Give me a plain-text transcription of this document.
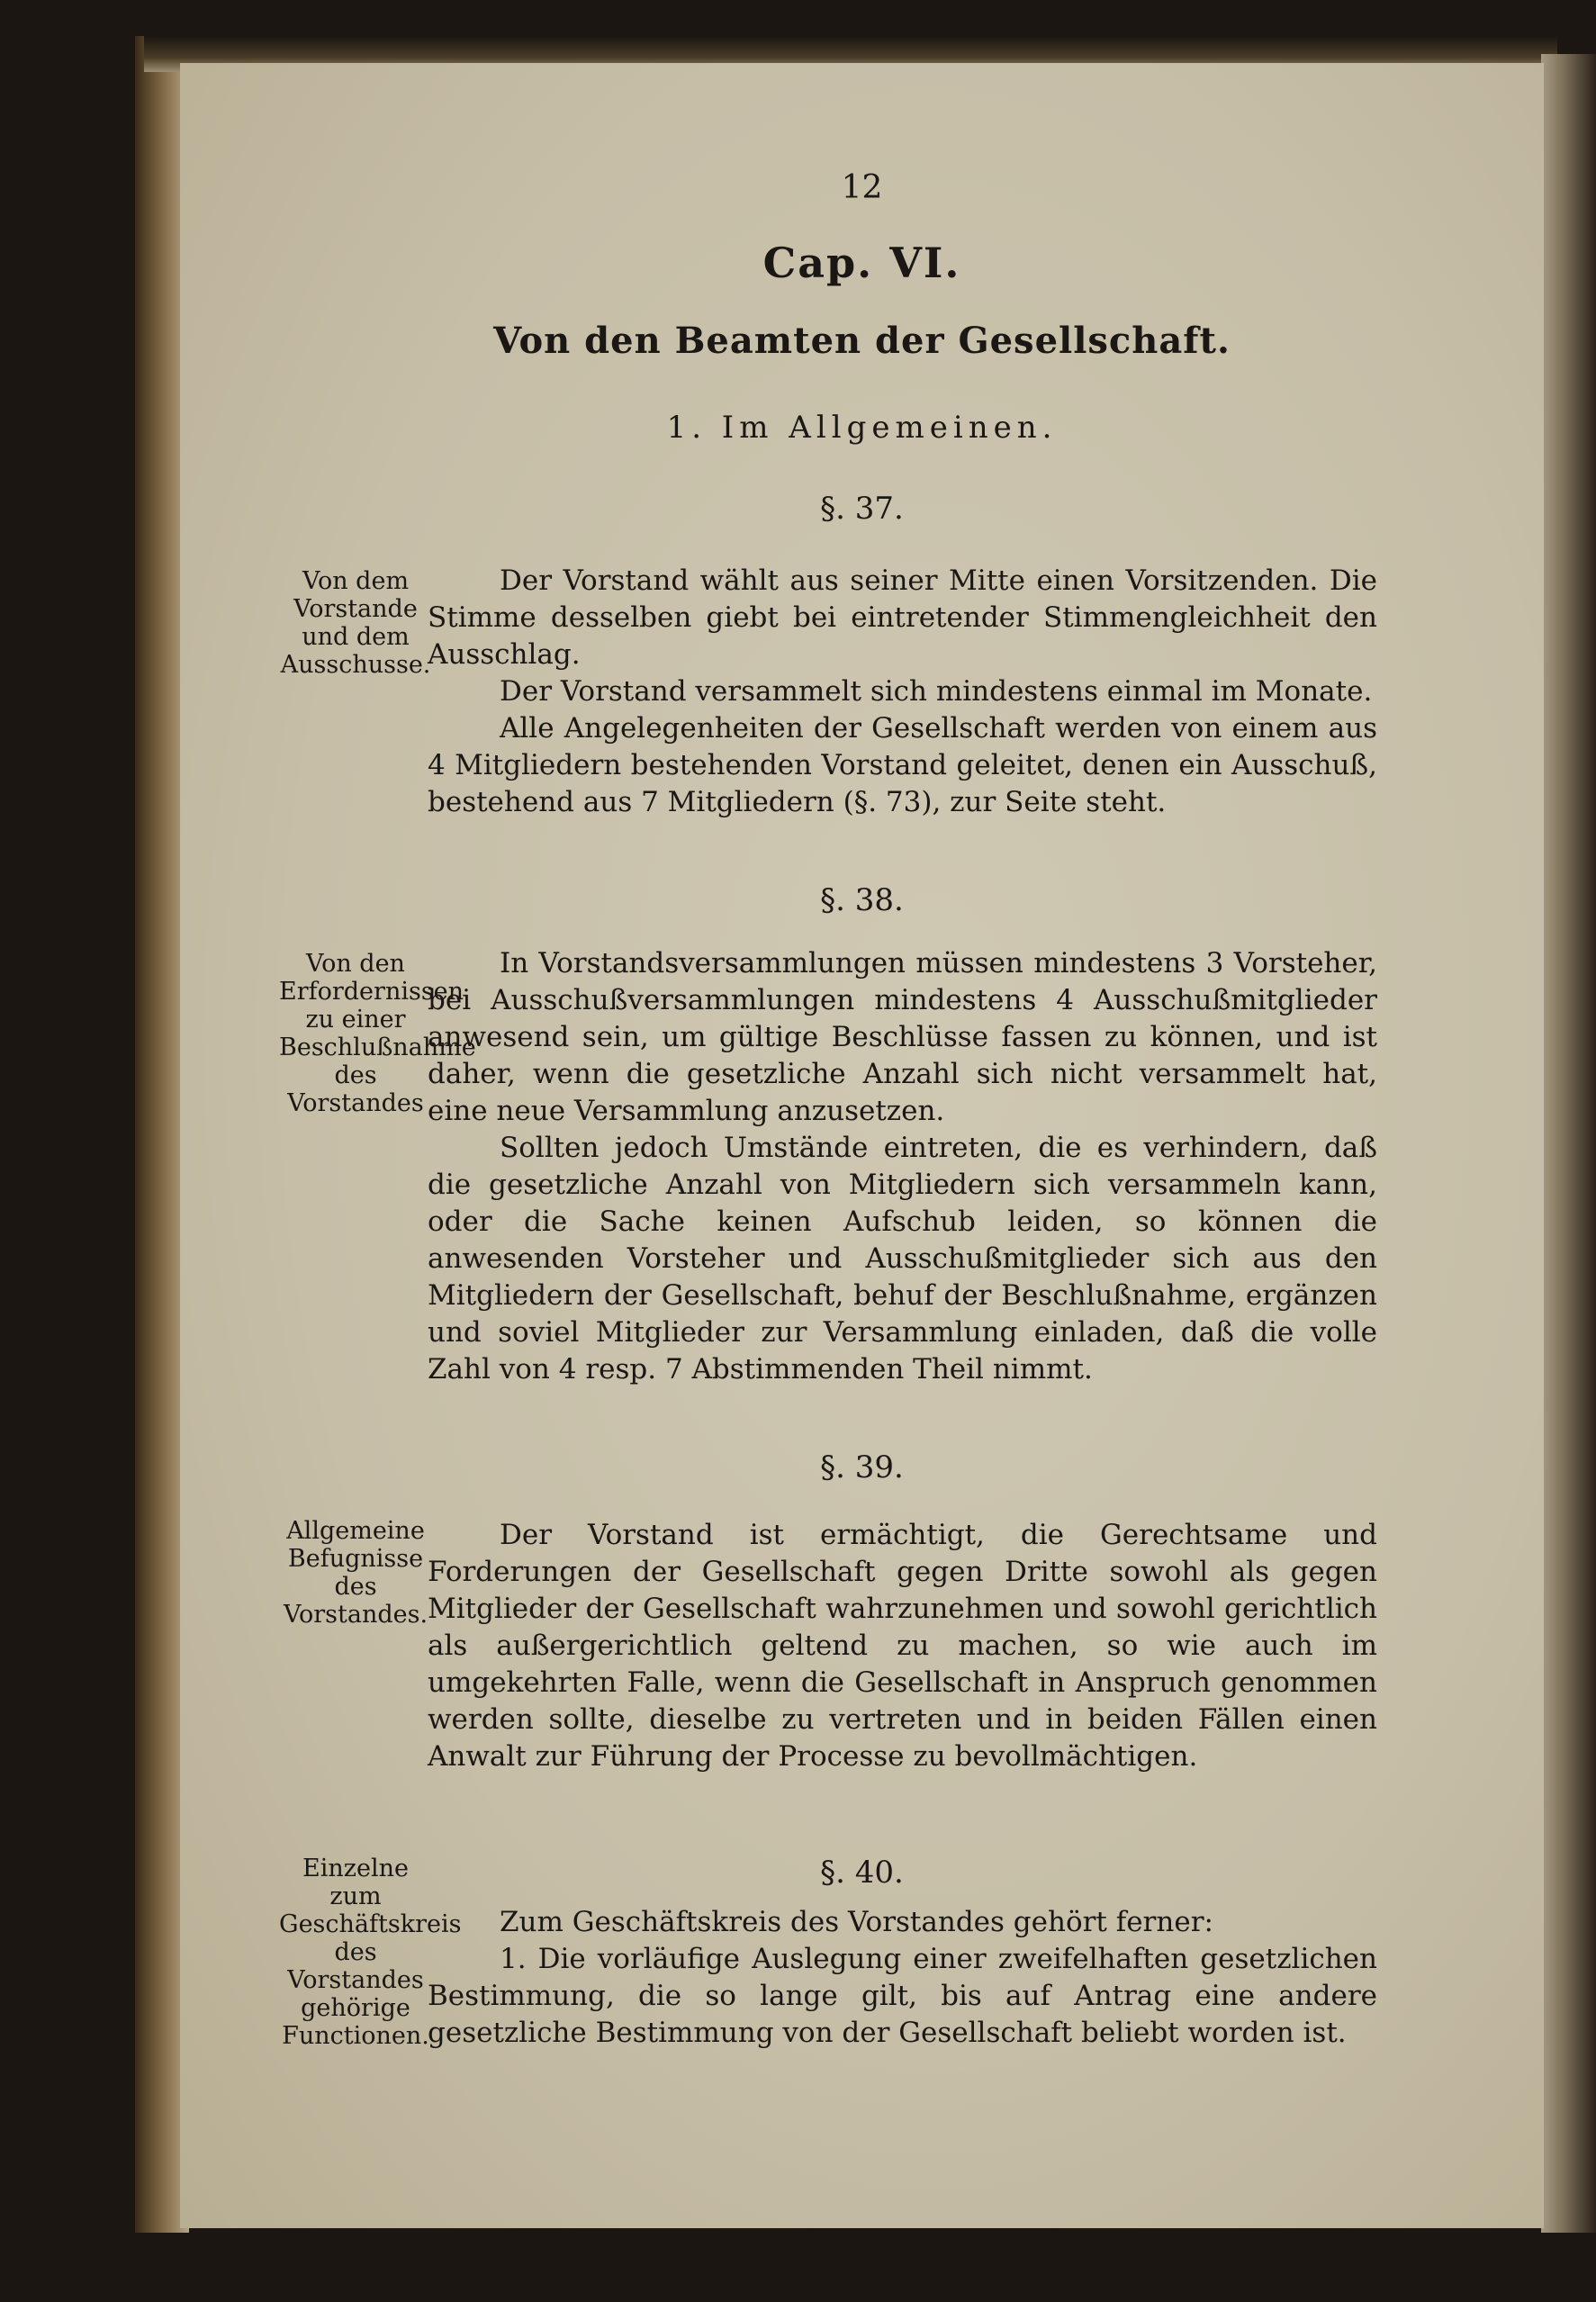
12
Cap. VI.
Von den Beamten der Gesellschaft.
1. Im Allgemeinen.
§. 37.
Von dem Vorstande und dem Ausschusse.

Der Vorstand wählt aus seiner Mitte einen Vorsitzenden. Die Stimme desselben giebt bei eintretender Stimmengleichheit den Ausschlag.

Der Vorstand versammelt sich mindestens einmal im Monate.

Alle Angelegenheiten der Gesellschaft werden von einem aus 4 Mitgliedern bestehenden Vorstand geleitet, denen ein Ausschuß, bestehend aus 7 Mitgliedern (§. 73), zur Seite steht.

§. 38.
Von den Erfordernissen zu einer Beschlußnahme des Vorstandes

In Vorstandsversammlungen müssen mindestens 3 Vorsteher, bei Ausschußversammlungen mindestens 4 Ausschußmitglieder anwesend sein, um gültige Beschlüsse fassen zu können, und ist daher, wenn die gesetzliche Anzahl sich nicht versammelt hat, eine neue Versammlung anzusetzen.

Sollten jedoch Umstände eintreten, die es verhindern, daß die gesetzliche Anzahl von Mitgliedern sich versammeln kann, oder die Sache keinen Aufschub leiden, so können die anwesenden Vorsteher und Ausschußmitglieder sich aus den Mitgliedern der Gesellschaft, behuf der Beschlußnahme, ergänzen und soviel Mitglieder zur Versammlung einladen, daß die volle Zahl von 4 resp. 7 Abstimmenden Theil nimmt.

§. 39.
Allgemeine Befugnisse des Vorstandes.

Der Vorstand ist ermächtigt, die Gerechtsame und Forderungen der Gesellschaft gegen Dritte sowohl als gegen Mitglieder der Gesellschaft wahrzunehmen und sowohl gerichtlich als außergerichtlich geltend zu machen, so wie auch im umgekehrten Falle, wenn die Gesellschaft in Anspruch genommen werden sollte, dieselbe zu vertreten und in beiden Fällen einen Anwalt zur Führung der Processe zu bevollmächtigen.

§. 40.
Einzelne zum Geschäftskreis des Vorstandes gehörige Functionen.

Zum Geschäftskreis des Vorstandes gehört ferner:

1. Die vorläufige Auslegung einer zweifelhaften gesetzlichen Bestimmung, die so lange gilt, bis auf Antrag eine andere gesetzliche Bestimmung von der Gesellschaft beliebt worden ist.
